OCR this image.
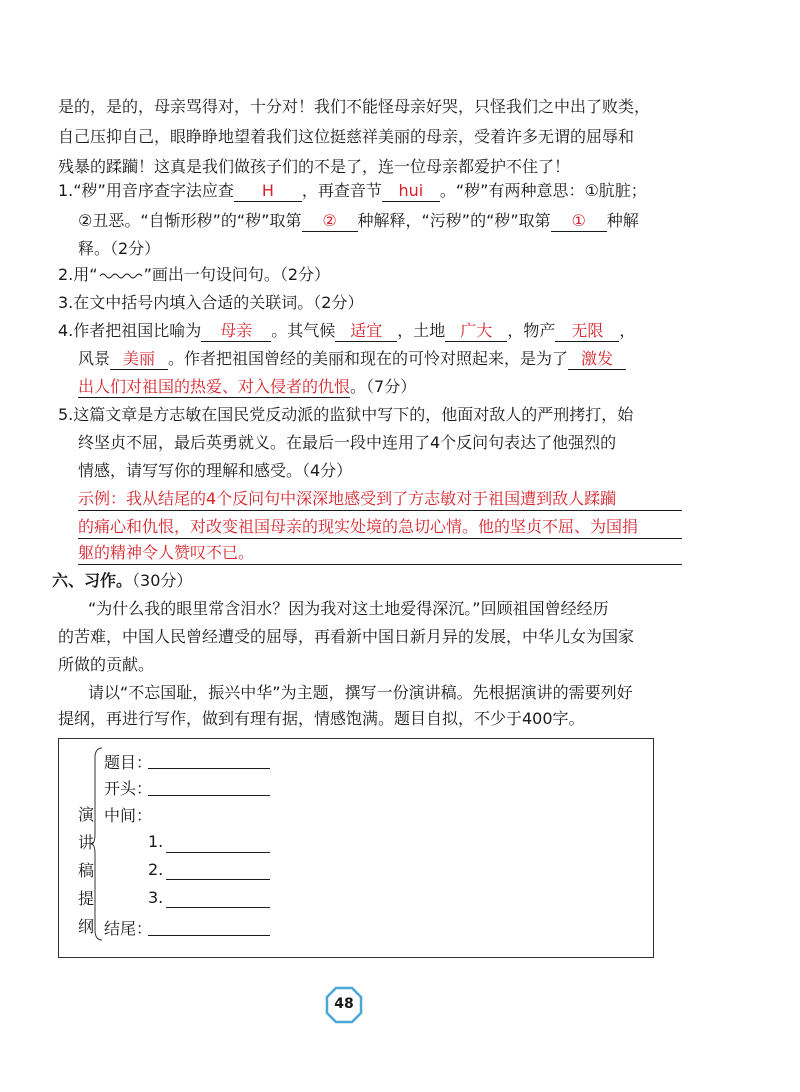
是的，是的，母亲骂得对，十分对！我们不能怪母亲好哭，只怪我们之中出了败类，
自己压抑自己，眼睁睁地望着我们这位挺慈祥美丽的母亲，受着许多无谓的屈辱和
残暴的蹂躏！这真是我们做孩子们的不是了，连一位母亲都爱护不住了！
1.“秽”用音序查字法应查 H ，再查音节 hui 。“秽”有两种意思：①肮脏；
②丑恶。“自惭形秽”的“秽”取第 ② 种解释，“污秽”的“秽”取第 ① 种解
释。（2分）
2.用“	”画出一句设问句。（2分）
3.在文中括号内填入合适的关联词。（2分）
4.作者把祖国比喻为 母亲 。其气候 适宜 ，土地 广大 ，物产 无限 ，
风景 美丽 。作者把祖国曾经的美丽和现在的可怜对照起来，是为了 激发
出人们对祖国的热爱、对入侵者的仇恨。（7分）
5.这篇文章是方志敏在国民党反动派的监狱中写下的，他面对敌人的严刑拷打，始
终坚贞不屈，最后英勇就义。在最后一段中连用了4个反问句表达了他强烈的
情感，请写写你的理解和感受。（4分）
示例：我从结尾的4个反问句中深深地感受到了方志敏对于祖国遭到敌人蹂躏
的痛心和仇恨，对改变祖国母亲的现实处境的急切心情。他的坚贞不屈、为国捐
躯的精神令人赞叹不已。
六、习作。（30分）
“为什么我的眼里常含泪水？因为我对这土地爱得深沉。”回顾祖国曾经经历
的苦难，中国人民曾经遭受的屈辱，再看新中国日新月异的发展，中华儿女为国家
所做的贡献。
请以“不忘国耻，振兴中华”为主题，撰写一份演讲稿。先根据演讲的需要列好
提纲，再进行写作，做到有理有据，情感饱满。题目自拟，不少于400字。
演
讲
稿
提
纲
题目：
开头：
中间：
1.
2.
3.
结尾：
48
